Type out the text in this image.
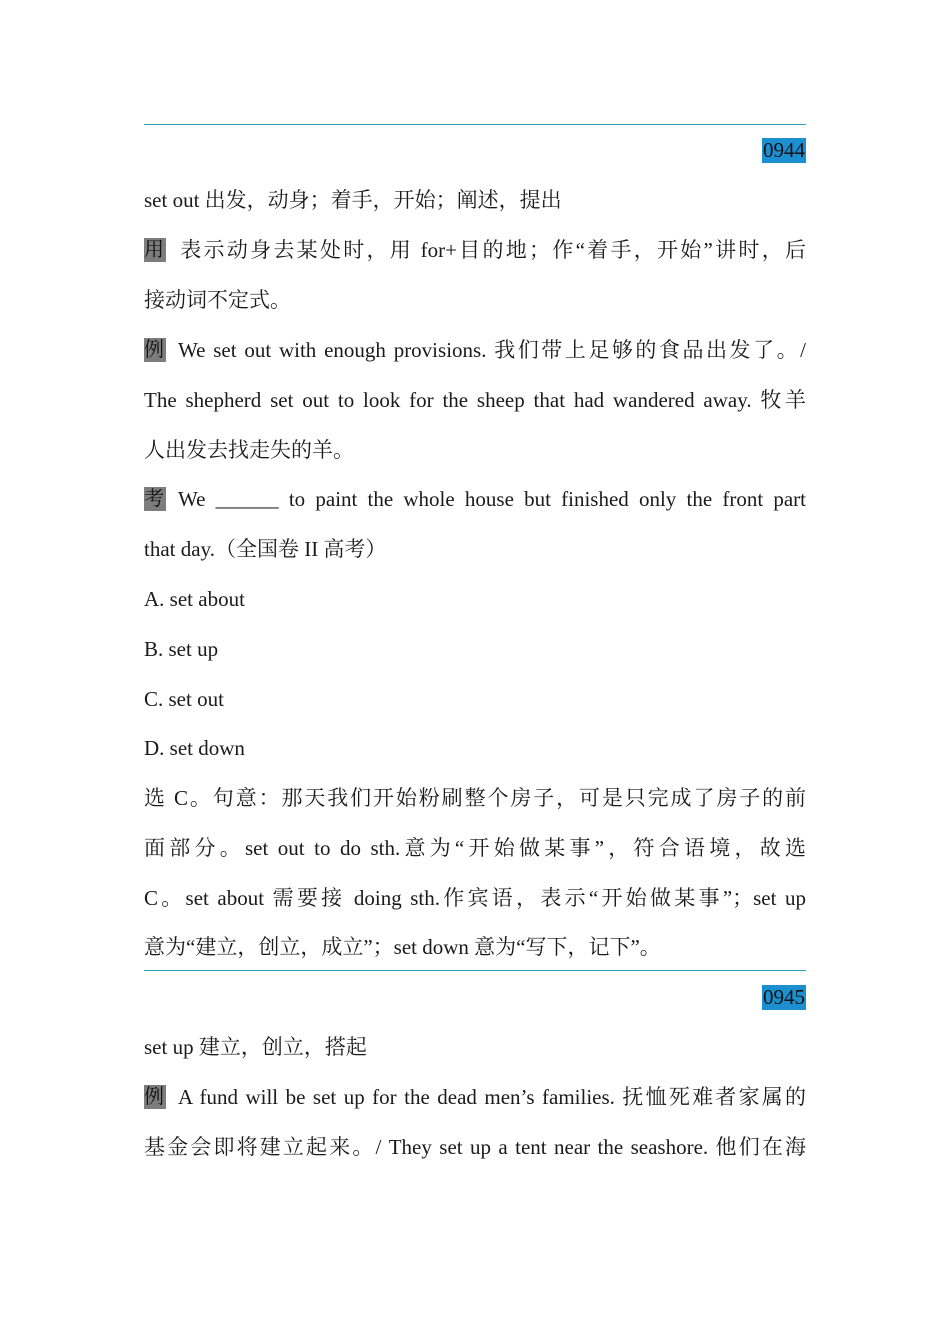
0944
set out 出发，动身；着手，开始；阐述，提出
用 表示动身去某处时，用 for+目的地；作“着手，开始”讲时，后
接动词不定式。
例 We set out with enough provisions. 我们带上足够的食品出发了。/
The shepherd set out to look for the sheep that had wandered away. 牧羊
人出发去找走失的羊。
考 We ______ to paint the whole house but finished only the front part
that day.（全国卷 II 高考）
A. set about
B. set up
C. set out
D. set down
选 C。句意：那天我们开始粉刷整个房子，可是只完成了房子的前
面部分。set out to do sth.意为“开始做某事”，符合语境，故选
C。set about 需要接 doing sth.作宾语，表示“开始做某事”；set up
意为“建立，创立，成立”；set down 意为“写下，记下”。
0945
set up 建立，创立，搭起
例 A fund will be set up for the dead men’s families. 抚恤死难者家属的
基金会即将建立起来。/ They set up a tent near the seashore. 他们在海
